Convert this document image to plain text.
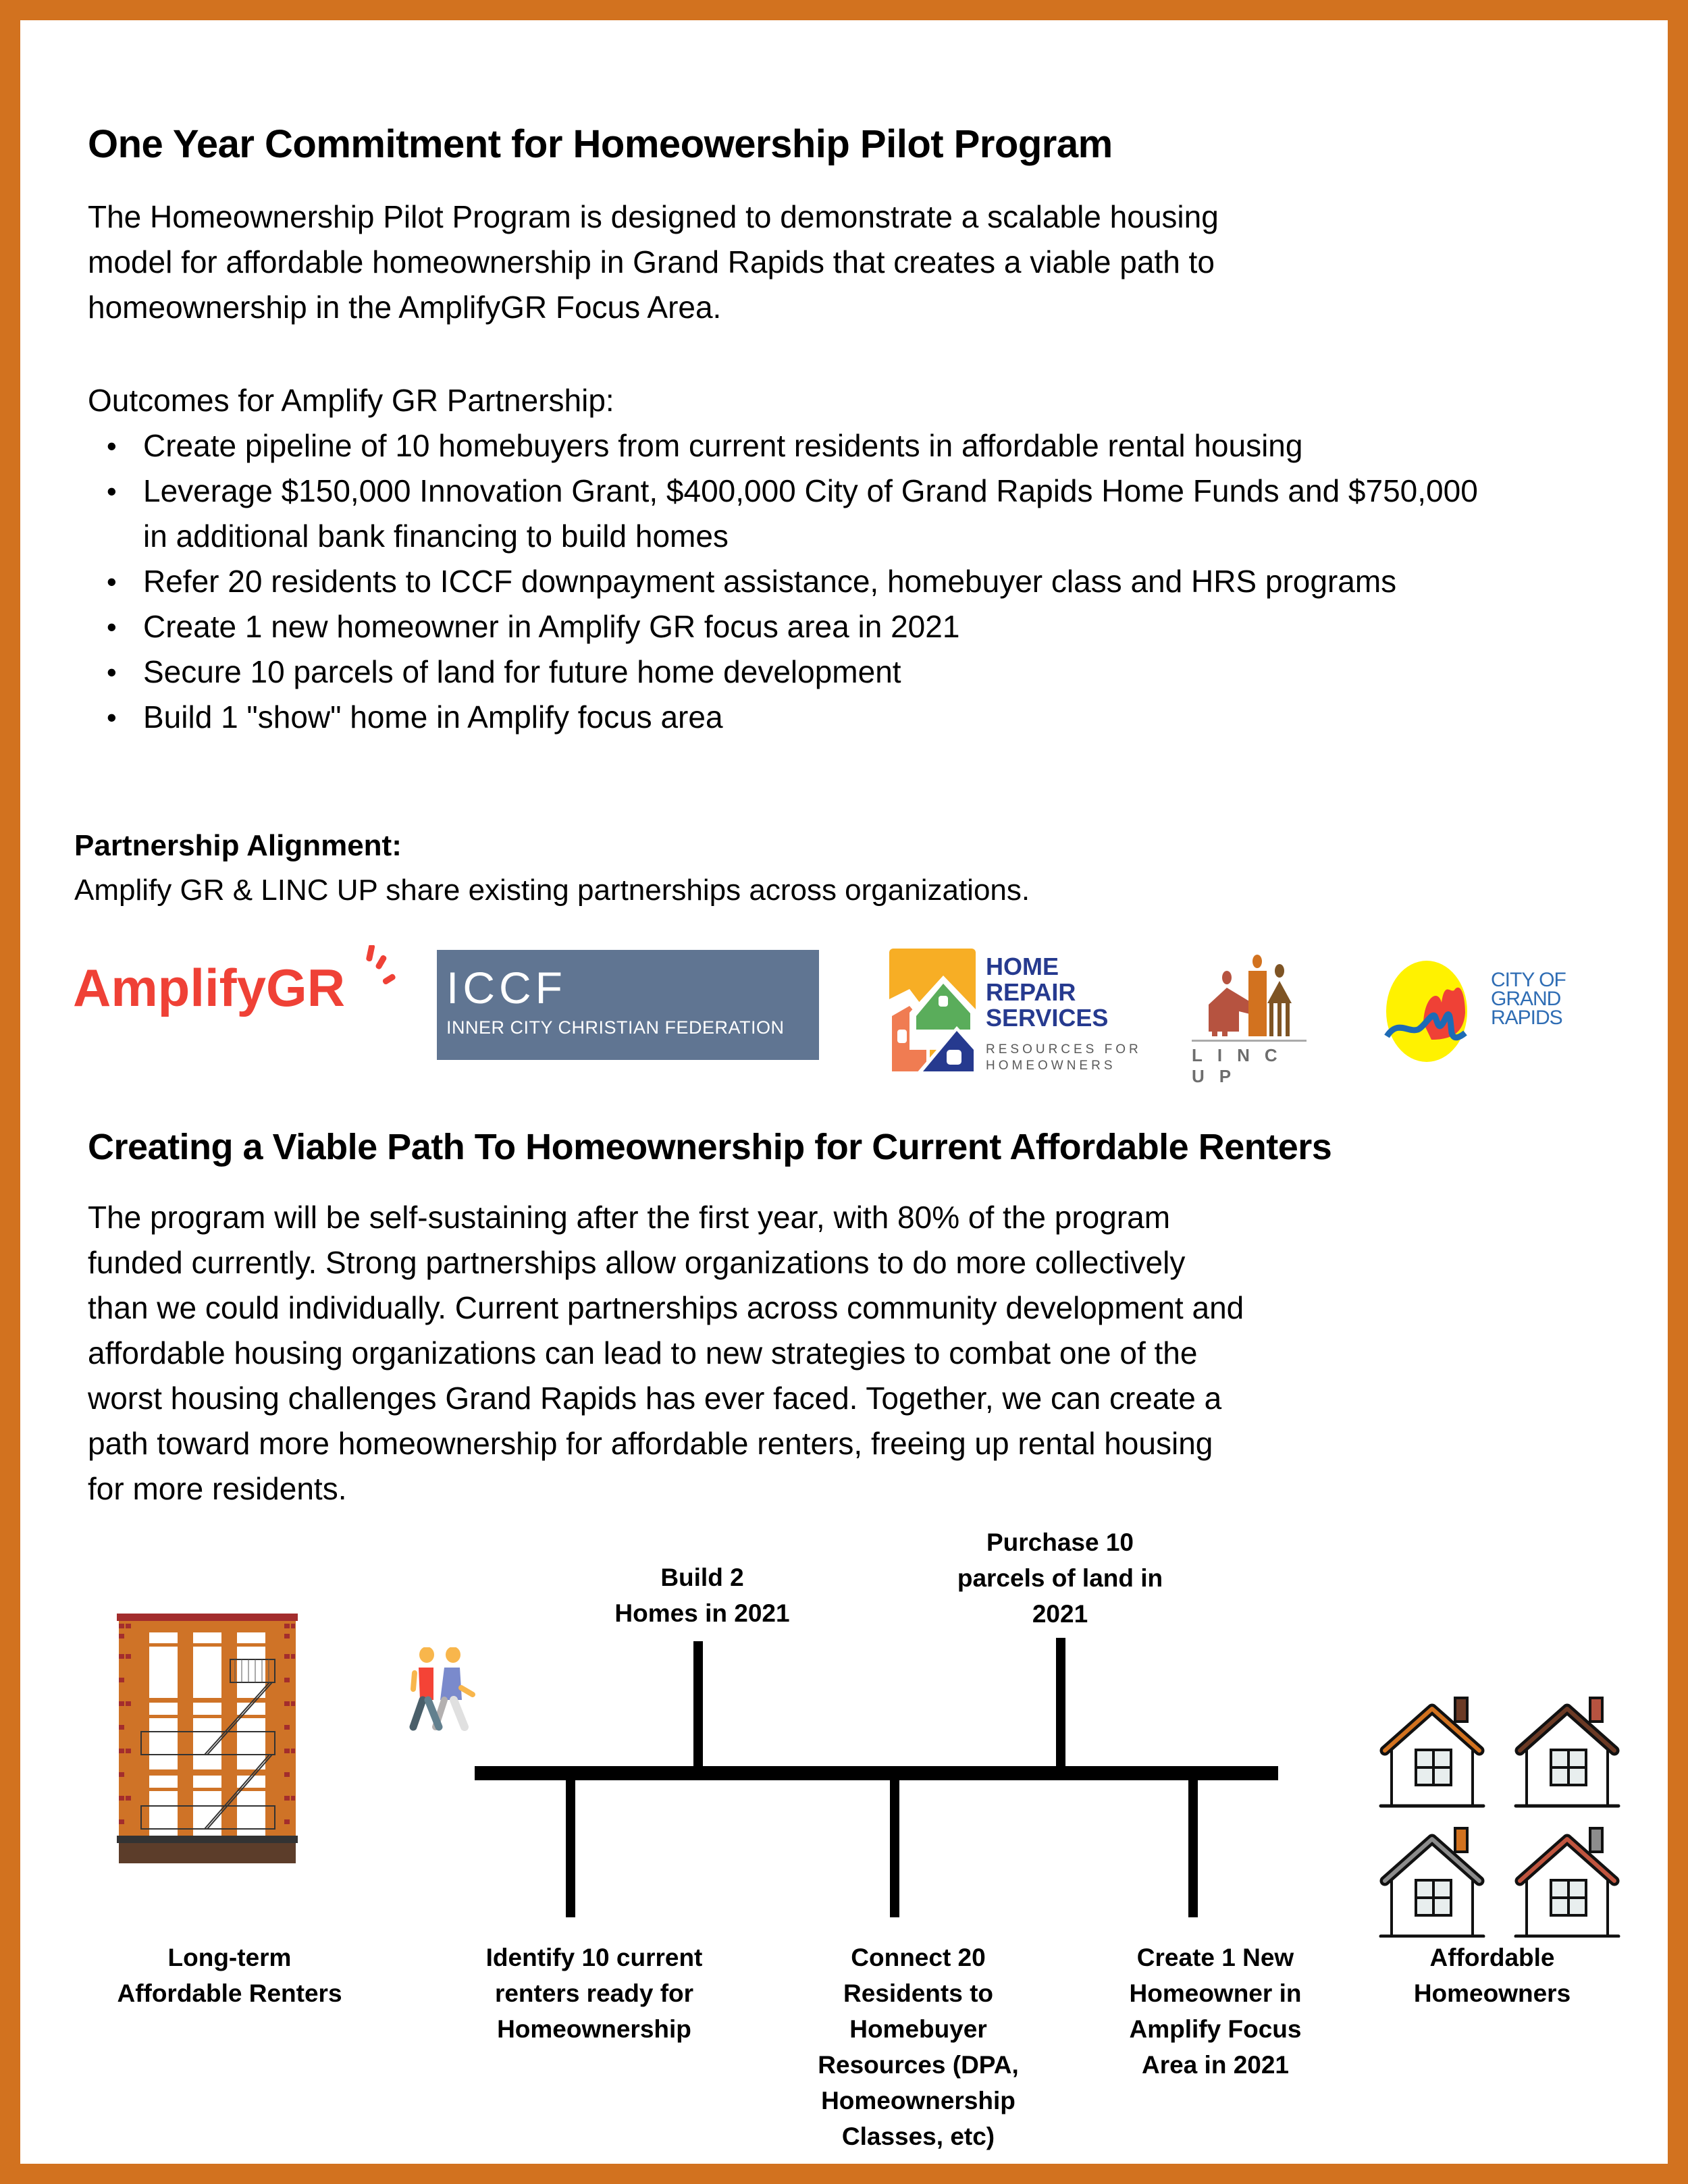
One Year Commitment for Homeowership Pilot Program
The Homeownership Pilot Program is designed to demonstrate a scalable housing
model for affordable homeownership in Grand Rapids that creates a viable path to
homeownership in the AmplifyGR Focus Area.
Outcomes for Amplify GR Partnership:
• Create pipeline of 10 homebuyers from current residents in affordable rental housing
• Leverage $150,000 Innovation Grant, $400,000 City of Grand Rapids Home Funds and $750,000 in additional bank financing to build homes
• Refer 20 residents to ICCF downpayment assistance, homebuyer class and HRS programs
• Create 1 new homeowner in Amplify GR focus area in 2021
• Secure 10 parcels of land for future home development
• Build 1 "show" home in Amplify focus area
Partnership Alignment:
Amplify GR & LINC UP share existing partnerships across organizations.
AmplifyGR ICCF
INNER CITY CHRISTIAN FEDERATION
HOME
REPAIR
SERVICES
RESOURCES FOR
HOMEOWNERS
LINC UP
CITY OF
GRAND
RAPIDS
Creating a Viable Path To Homeownership for Current Affordable Renters
The program will be self-sustaining after the first year, with 80% of the program
funded currently. Strong partnerships allow organizations to do more collectively
than we could individually. Current partnerships across community development and
affordable housing organizations can lead to new strategies to combat one of the
worst housing challenges Grand Rapids has ever faced. Together, we can create a
path toward more homeownership for affordable renters, freeing up rental housing
for more residents.
Build 2
Homes in 2021
Purchase 10
parcels of land in
2021
Long-term
Affordable Renters
Identify 10 current
renters ready for
Homeownership
Connect 20
Residents to
Homebuyer
Resources (DPA,
Homeownership
Classes, etc)
Create 1 New
Homeowner in
Amplify Focus
Area in 2021
Affordable
Homeowners
